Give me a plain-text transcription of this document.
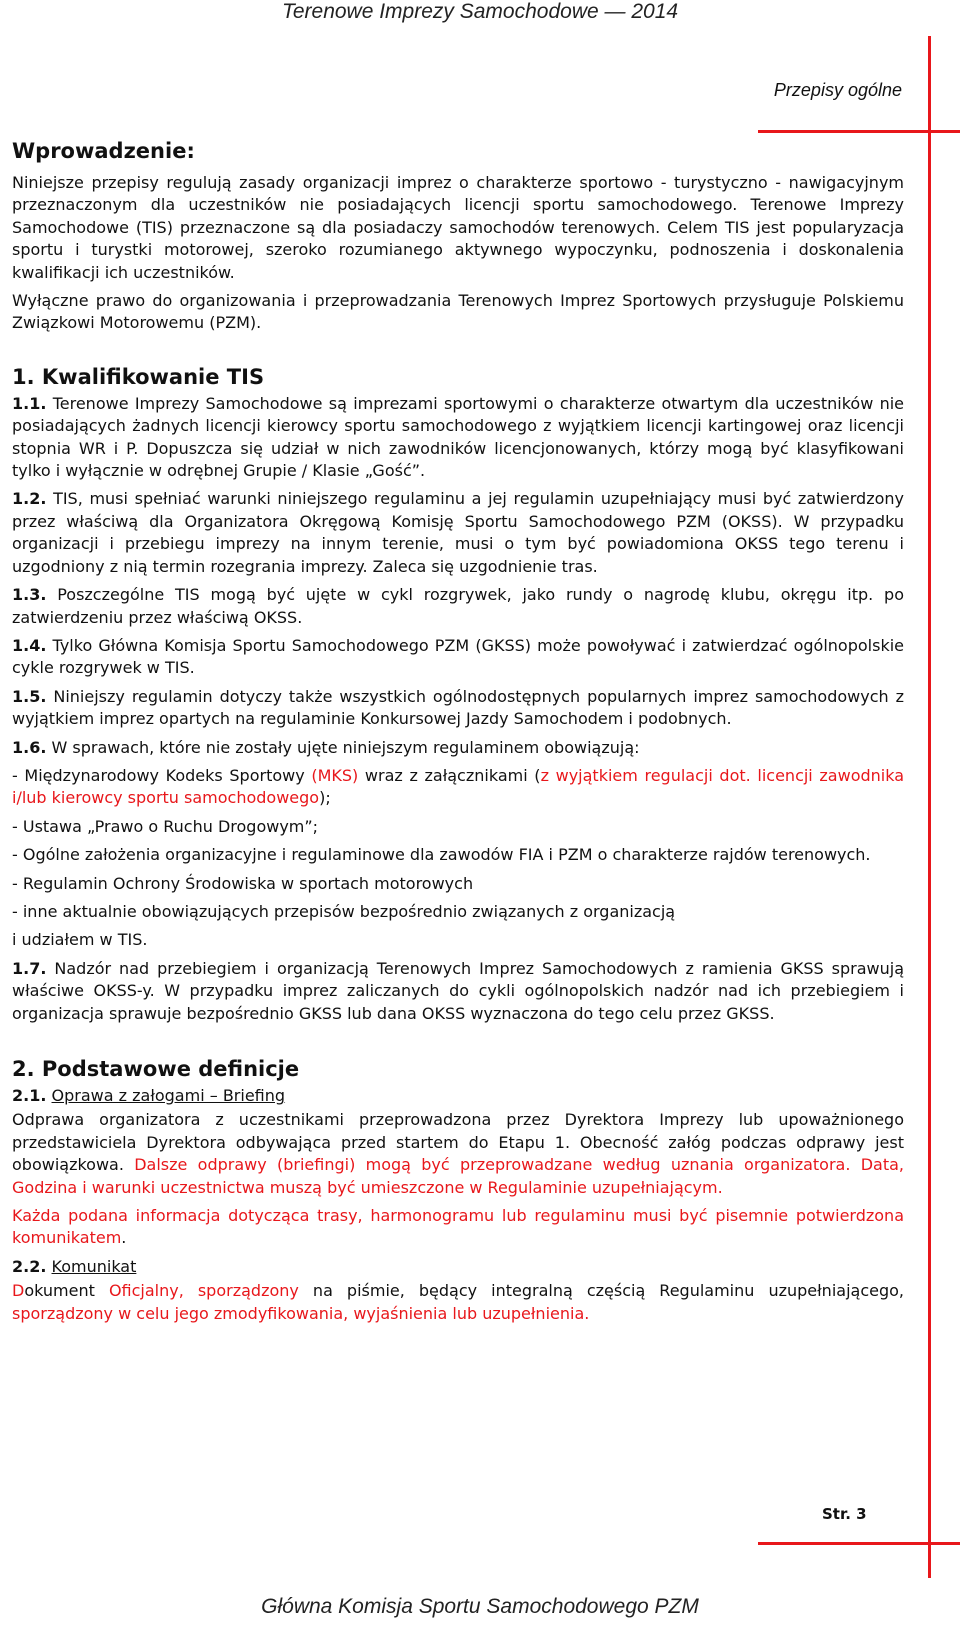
Terenowe Imprezy Samochodowe — 2014
Przepisy ogólne
Wprowadzenie:

Niniejsze przepisy regulują zasady organizacji imprez o charakterze sportowo - turystyczno - nawigacyjnym przeznaczonym dla uczestników nie posiadających licencji sportu samochodowego. Terenowe Imprezy Samochodowe (TIS) przeznaczone są dla posiadaczy samochodów terenowych. Celem TIS jest popularyzacja sportu i turystki motorowej, szeroko rozumianego aktywnego wypoczynku, podnoszenia i doskonalenia kwalifikacji ich uczestników.

Wyłączne prawo do organizowania i przeprowadzania Terenowych Imprez Sportowych przysługuje Polskiemu Związkowi Motorowemu (PZM).

1. Kwalifikowanie TIS

1.1. Terenowe Imprezy Samochodowe są imprezami sportowymi o charakterze otwartym dla uczestników nie posiadających żadnych licencji kierowcy sportu samochodowego z wyjątkiem licencji kartingowej oraz licencji stopnia WR i P. Dopuszcza się udział w nich zawodników licencjonowanych, którzy mogą być klasyfikowani tylko i wyłącznie w odrębnej Grupie / Klasie „Gość”.

1.2. TIS, musi spełniać warunki niniejszego regulaminu a jej regulamin uzupełniający musi być zatwierdzony przez właściwą dla Organizatora Okręgową Komisję Sportu Samochodowego PZM (OKSS). W przypadku organizacji i przebiegu imprezy na innym terenie, musi o tym być powiadomiona OKSS tego terenu i uzgodniony z nią termin rozegrania imprezy. Zaleca się uzgodnienie tras.

1.3. Poszczególne TIS mogą być ujęte w cykl rozgrywek, jako rundy o nagrodę klubu, okręgu itp. po zatwierdzeniu przez właściwą OKSS.

1.4. Tylko Główna Komisja Sportu Samochodowego PZM (GKSS) może powoływać i zatwierdzać ogólnopolskie cykle rozgrywek w TIS.

1.5. Niniejszy regulamin dotyczy także wszystkich ogólnodostępnych popularnych imprez samochodowych z wyjątkiem imprez opartych na regulaminie Konkursowej Jazdy Samochodem i podobnych.

1.6. W sprawach, które nie zostały ujęte niniejszym regulaminem obowiązują:

- Międzynarodowy Kodeks Sportowy (MKS) wraz z załącznikami (z wyjątkiem regulacji dot. licencji zawodnika i/lub kierowcy sportu samochodowego);

- Ustawa „Prawo o Ruchu Drogowym”;

- Ogólne założenia organizacyjne i regulaminowe dla zawodów FIA i PZM o charakterze rajdów terenowych.

- Regulamin Ochrony Środowiska w sportach motorowych

- inne aktualnie obowiązujących przepisów bezpośrednio związanych z organizacją

i udziałem w TIS.

1.7. Nadzór nad przebiegiem i organizacją Terenowych Imprez Samochodowych z ramienia GKSS sprawują właściwe OKSS-y. W przypadku imprez zaliczanych do cykli ogólnopolskich nadzór nad ich przebiegiem i organizacja sprawuje bezpośrednio GKSS lub dana OKSS wyznaczona do tego celu przez GKSS.

2. Podstawowe definicje

2.1. Oprawa z załogami – Briefing

Odprawa organizatora z uczestnikami przeprowadzona przez Dyrektora Imprezy lub upoważnionego przedstawiciela Dyrektora odbywająca przed startem do Etapu 1. Obecność załóg podczas odprawy jest obowiązkowa. Dalsze odprawy (briefingi) mogą być przeprowadzane według uznania organizatora. Data, Godzina i warunki uczestnictwa muszą być umieszczone w Regulaminie uzupełniającym.

Każda podana informacja dotycząca trasy, harmonogramu lub regulaminu musi być pisemnie potwierdzona komunikatem.

2.2. Komunikat

Dokument Oficjalny, sporządzony na piśmie, będący integralną częścią Regulaminu uzupełniającego, sporządzony w celu jego zmodyfikowania, wyjaśnienia lub uzupełnienia.

Str. 3
Główna Komisja Sportu Samochodowego PZM
